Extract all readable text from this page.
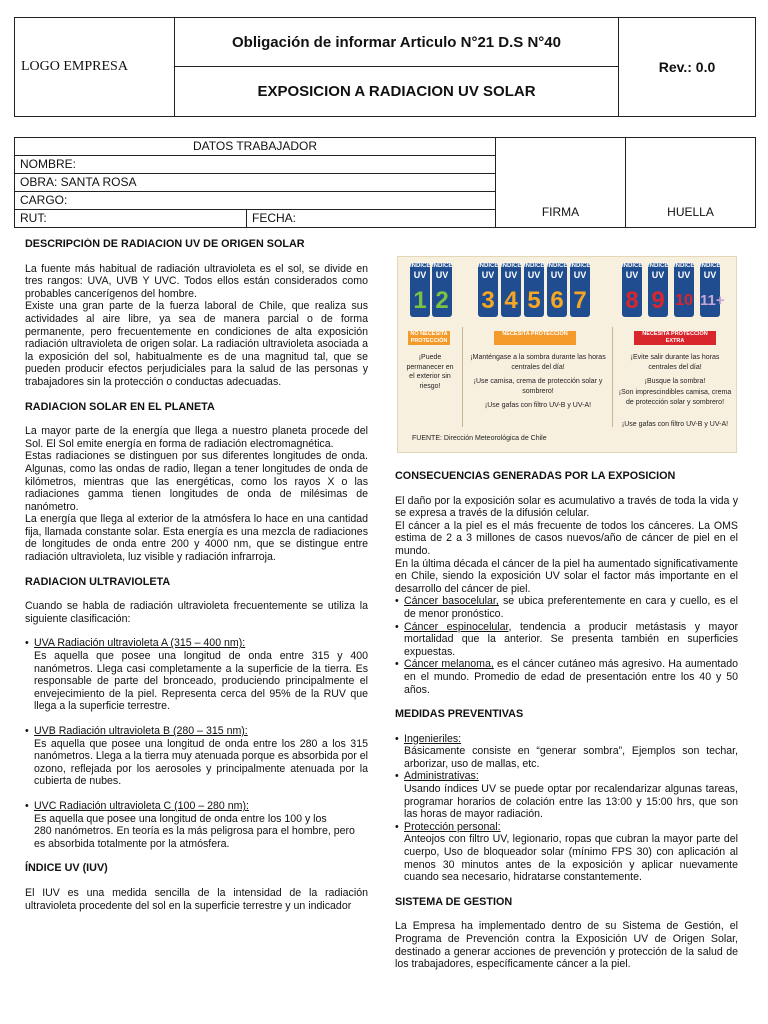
LOGO EMPRESA
Obligación de informar Articulo N°21 D.S N°40
EXPOSICION A RADIACION UV SOLAR
Rev.: 0.0
DATOS TRABAJADOR
NOMBRE:
OBRA: SANTA ROSA
CARGO:
RUT:	FECHA:	FIRMA	HUELLA
DESCRIPCIÓN DE RADIACION UV DE ORIGEN SOLAR

La fuente más habitual de radiación ultravioleta es el sol, se divide en tres rangos: UVA, UVB Y UVC. Todos ellos están considerados como probables cancerígenos del hombre.

Existe una gran parte de la fuerza laboral de Chile, que realiza sus actividades al aire libre, ya sea de manera parcial o de forma permanente, pero frecuentemente en condiciones de alta exposición radiación ultravioleta de origen solar. La radiación ultravioleta asociada a la exposición del sol, habitualmente es de una magnitud tal, que se pueden producir efectos perjudiciales para la salud de las personas y trabajadores sin la protección o conductas adecuadas.

RADIACION SOLAR EN EL PLANETA

La mayor parte de la energía que llega a nuestro planeta procede del Sol. El Sol emite energía en forma de radiación electromagnética.

Estas radiaciones se distinguen por sus diferentes longitudes de onda. Algunas, como las ondas de radio, llegan a tener longitudes de onda de kilómetros, mientras que las energéticas, como los rayos X o las radiaciones gamma tienen longitudes de onda de milésimas de nanómetro.

La energía que llega al exterior de la atmósfera lo hace en una cantidad fija, llamada constante solar. Esta energía es una mezcla de radiaciones de longitudes de onda entre 200 y 4000 nm, que se distingue entre radiación ultravioleta, luz visible y radiación infrarroja.

RADIACION ULTRAVIOLETA

Cuando se habla de radiación ultravioleta frecuentemente se utiliza la siguiente clasificación:

• UVA Radiación ultravioleta A (315 – 400 nm):

Es aquella que posee una longitud de onda entre 315 y 400 nanómetros. Llega casi completamente a la superficie de la tierra. Es responsable de parte del bronceado, produciendo principalmente el envejecimiento de la piel. Representa cerca del 95% de la RUV que llega a la superficie terrestre.

• UVB Radiación ultravioleta B (280 – 315 nm):

Es aquella que posee una longitud de onda entre los 280 a los 315 nanómetros. Llega a la tierra muy atenuada porque es absorbida por el ozono, reflejada por los aerosoles y principalmente atenuada por la cubierta de nubes.

• UVC Radiación ultravioleta C (100 – 280 nm):

Es aquella que posee una longitud de onda entre los 100 y los

280 nanómetros. En teoría es la más peligrosa para el hombre, pero es absorbida totalmente por la atmósfera.

ÍNDICE UV (IUV)

El IUV es una medida sencilla de la intensidad de la radiación ultravioleta procedente del sol en la superficie terrestre y un indicador

INDICE
UV
1
INDICE
UV
2
INDICE
UV
3
INDICE
UV
4
INDICE
UV
5
INDICE
UV
6
INDICE
UV
7
INDICE
UV
8
INDICE
UV
9
INDICE
UV
10
INDICE
UV
11+
NO NECESITA PROTECCIÓN
NECESITA PROTECCIÓN	NECESITA PROTECCIÓN EXTRA
¡Puede permanecer en el exterior sin riesgo!
¡Manténgase a la sombra durante las horas centrales del día!
¡Use camisa, crema de protección solar y sombrero!
¡Use gafas con filtro UV-B y UV-A!
¡Evite salir durante las horas centrales del día!
¡Busque la sombra!
¡Son imprescindibles camisa, crema de protección solar y sombrero!
¡Use gafas con filtro UV-B y UV-A!
FUENTE: Dirección Meteorológica de Chile
CONSECUENCIAS GENERADAS POR LA EXPOSICION

El daño por la exposición solar es acumulativo a través de toda la vida y se expresa a través de la difusión celular.

El cáncer a la piel es el más frecuente de todos los cánceres. La OMS estima de 2 a 3 millones de casos nuevos/año de cáncer de piel en el mundo.

En la última década el cáncer de la piel ha aumentado significativamente en Chile, siendo la exposición UV solar el factor más importante en el desarrollo del cáncer de piel.

• Cáncer basocelular, se ubica preferentemente en cara y cuello, es el de menor pronóstico.

• Cáncer espinocelular, tendencia a producir metástasis y mayor mortalidad que la anterior. Se presenta también en superficies expuestas.

• Cáncer melanoma, es el cáncer cutáneo más agresivo. Ha aumentado en el mundo. Promedio de edad de presentación entre los 40 y 50 años.

MEDIDAS PREVENTIVAS

• Ingenieriles:

Básicamente consiste en “generar sombra”, Ejemplos son techar, arborizar, uso de mallas, etc.

• Administrativas:

Usando índices UV se puede optar por recalendarizar algunas tareas, programar horarios de colación entre las 13:00 y 15:00 hrs, que son las horas de mayor radiación.

• Protección personal:

Anteojos con filtro UV, legionario, ropas que cubran la mayor parte del cuerpo, Uso de bloqueador solar (mínimo FPS 30) con aplicación al menos 30 minutos antes de la exposición y aplicar nuevamente cuando sea necesario, hidratarse constantemente.

SISTEMA DE GESTION

La Empresa ha implementado dentro de su Sistema de Gestión, el Programa de Prevención contra la Exposición UV de Origen Solar, destinado a generar acciones de prevención y protección de la salud de los trabajadores, específicamente cáncer a la piel.
